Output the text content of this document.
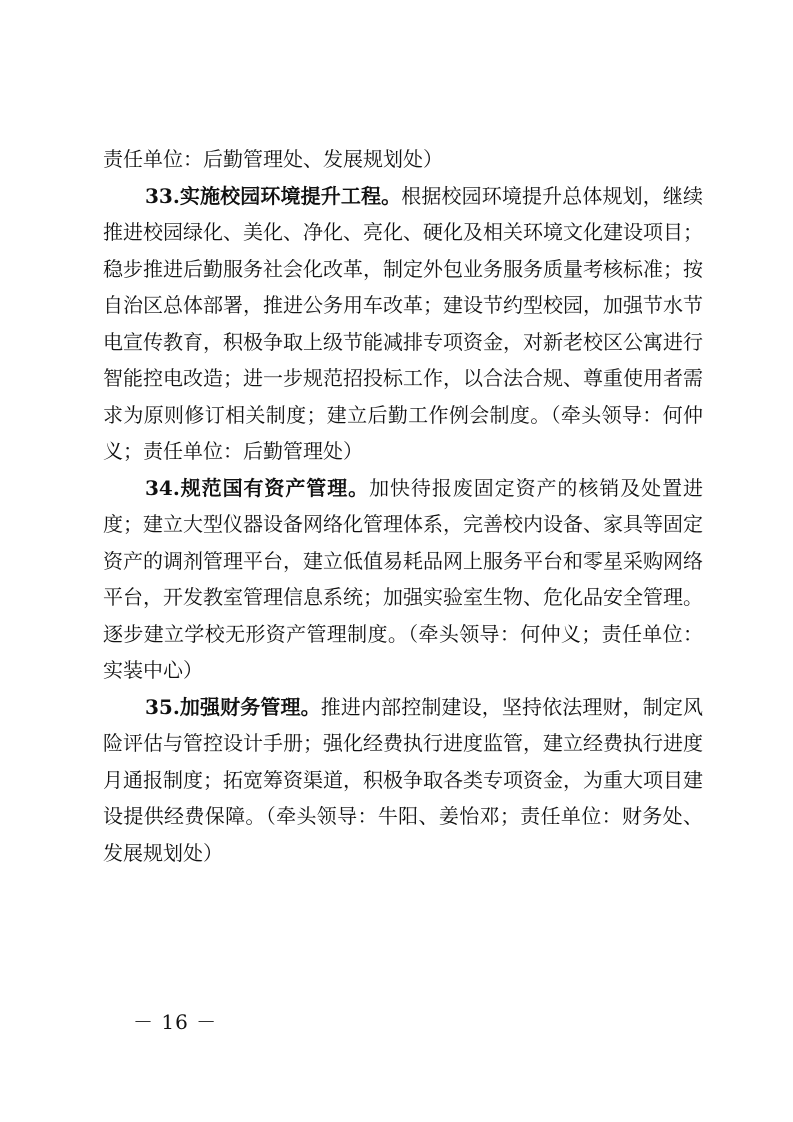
责任单位：后勤管理处、发展规划处）

33.实施校园环境提升工程。根据校园环境提升总体规划，继续推进校园绿化、美化、净化、亮化、硬化及相关环境文化建设项目；稳步推进后勤服务社会化改革，制定外包业务服务质量考核标准；按自治区总体部署，推进公务用车改革；建设节约型校园，加强节水节电宣传教育，积极争取上级节能减排专项资金，对新老校区公寓进行智能控电改造；进一步规范招投标工作，以合法合规、尊重使用者需求为原则修订相关制度；建立后勤工作例会制度。（牵头领导：何仲义；责任单位：后勤管理处）

34.规范国有资产管理。加快待报废固定资产的核销及处置进度；建立大型仪器设备网络化管理体系，完善校内设备、家具等固定资产的调剂管理平台，建立低值易耗品网上服务平台和零星采购网络平台，开发教室管理信息系统；加强实验室生物、危化品安全管理。逐步建立学校无形资产管理制度。（牵头领导：何仲义；责任单位：实装中心）

35.加强财务管理。推进内部控制建设，坚持依法理财，制定风险评估与管控设计手册；强化经费执行进度监管，建立经费执行进度月通报制度；拓宽筹资渠道，积极争取各类专项资金，为重大项目建设提供经费保障。（牵头领导：牛阳、姜怡邓；责任单位：财务处、发展规划处）

－ 16 －
